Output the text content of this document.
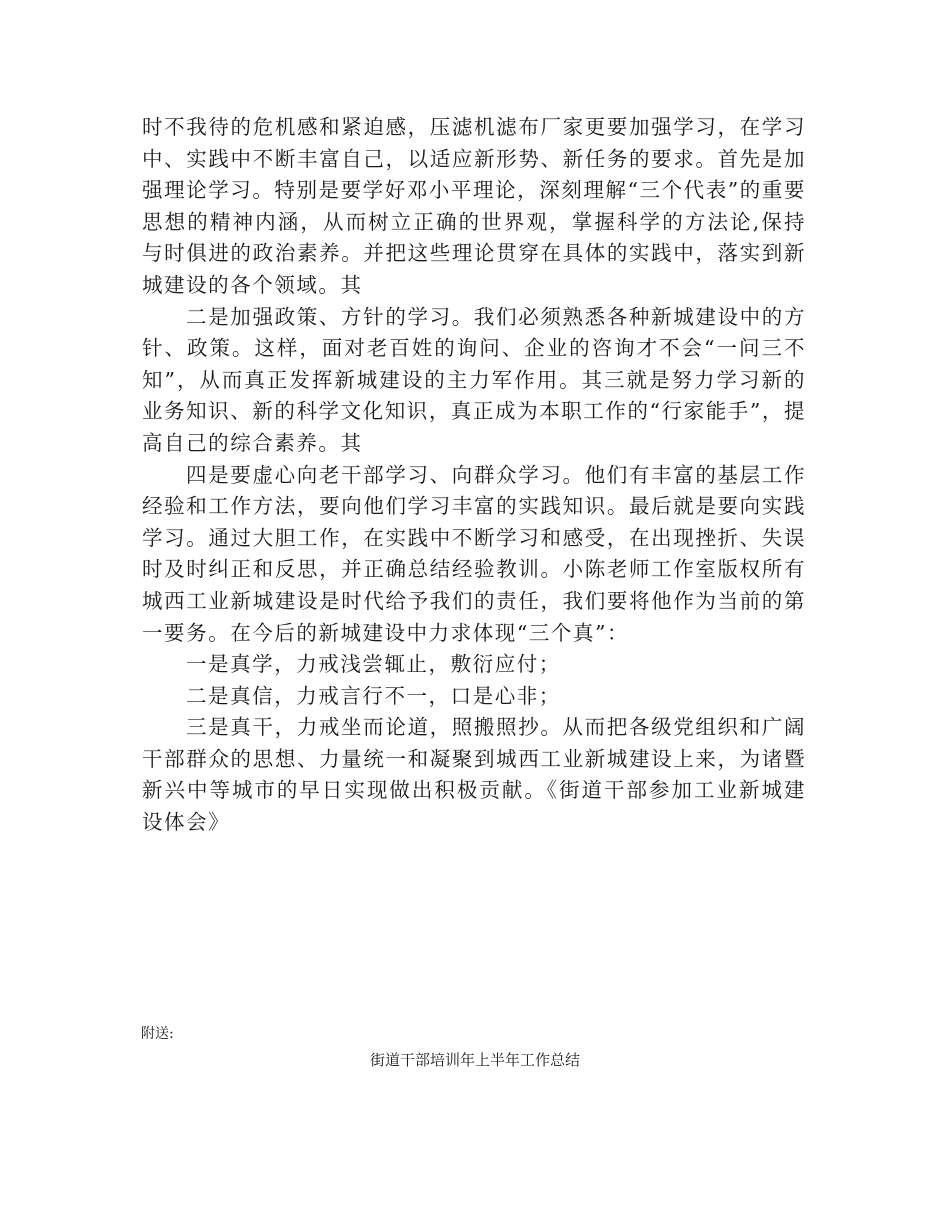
时不我待的危机感和紧迫感，压滤机滤布厂家更要加强学习，在学习中、实践中不断丰富自己，以适应新形势、新任务的要求。首先是加强理论学习。特别是要学好邓小平理论，深刻理解“三个代表”的重要思想的精神内涵，从而树立正确的世界观，掌握科学的方法论,保持与时俱进的政治素养。并把这些理论贯穿在具体的实践中，落实到新城建设的各个领域。其

二是加强政策、方针的学习。我们必须熟悉各种新城建设中的方针、政策。这样，面对老百姓的询问、企业的咨询才不会“一问三不知”，从而真正发挥新城建设的主力军作用。其三就是努力学习新的业务知识、新的科学文化知识，真正成为本职工作的“行家能手”，提高自己的综合素养。其

四是要虚心向老干部学习、向群众学习。他们有丰富的基层工作经验和工作方法，要向他们学习丰富的实践知识。最后就是要向实践学习。通过大胆工作，在实践中不断学习和感受，在出现挫折、失误时及时纠正和反思，并正确总结经验教训。小陈老师工作室版权所有城西工业新城建设是时代给予我们的责任，我们要将他作为当前的第一要务。在今后的新城建设中力求体现“三个真”：

一是真学，力戒浅尝辄止，敷衍应付；

二是真信，力戒言行不一，口是心非；

三是真干，力戒坐而论道，照搬照抄。从而把各级党组织和广阔干部群众的思想、力量统一和凝聚到城西工业新城建设上来，为诸暨新兴中等城市的早日实现做出积极贡献。《街道干部参加工业新城建设体会》

附送:

街道干部培训年上半年工作总结
